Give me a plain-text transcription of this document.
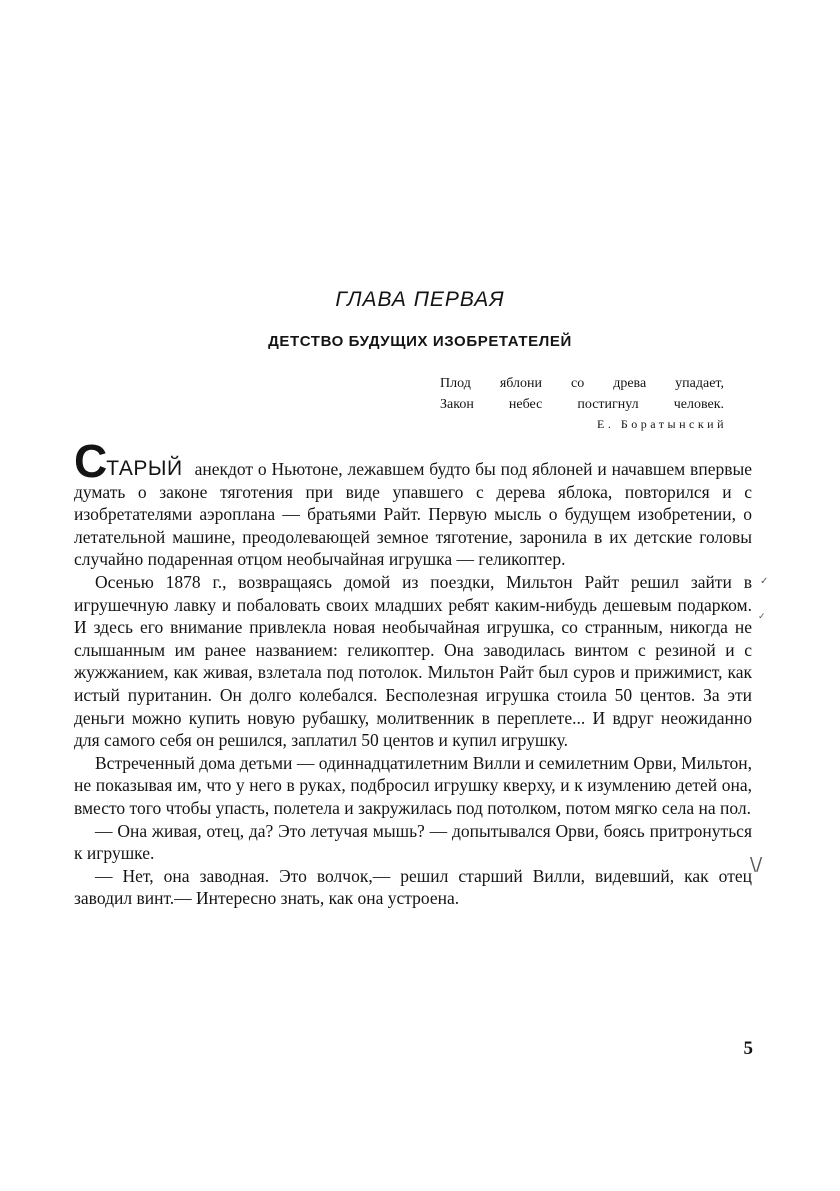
ГЛАВА ПЕРВАЯ
ДЕТСТВО БУДУЩИХ ИЗОБРЕТАТЕЛЕЙ
Плод яблони со древа упадает,
Закон небес постигнул человек.
Е. Боратынский

СТАРЫЙ анекдот о Ньютоне, лежавшем будто бы под яблоней и начавшем впервые думать о законе тяготения при виде упавшего с дерева яблока, повторился и с изобретателями аэроплана — братьями Райт. Первую мысль о будущем изобретении, о летательной машине, преодолевающей земное тяготение, заронила в их детские головы случайно подаренная отцом необычайная игрушка — геликоптер.

Осенью 1878 г., возвращаясь домой из поездки, Мильтон Райт решил зайти в игрушечную лавку и побаловать своих младших ребят каким-нибудь дешевым подарком. И здесь его внимание привлекла новая необычайная игрушка, со странным, никогда не слышанным им ранее названием: геликоптер. Она заводилась винтом с резиной и с жужжанием, как живая, взлетала под потолок. Мильтон Райт был суров и прижимист, как истый пуританин. Он долго колебался. Бесполезная игрушка стоила 50 центов. За эти деньги можно купить новую рубашку, молитвенник в переплете... И вдруг неожиданно для самого себя он решился, заплатил 50 центов и купил игрушку.

Встреченный дома детьми — одиннадцатилетним Вилли и семилетним Орви, Мильтон, не показывая им, что у него в руках, подбросил игрушку кверху, и к изумлению детей она, вместо того чтобы упасть, полетела и закружилась под потолком, потом мягко села на пол.

— Она живая, отец, да? Это летучая мышь? — допытывался Орви, боясь притронуться к игрушке.

— Нет, она заводная. Это волчок,— решил старший Вилли, видевший, как отец заводил винт.— Интересно знать, как она устроена.

5
✓
✓
\/
